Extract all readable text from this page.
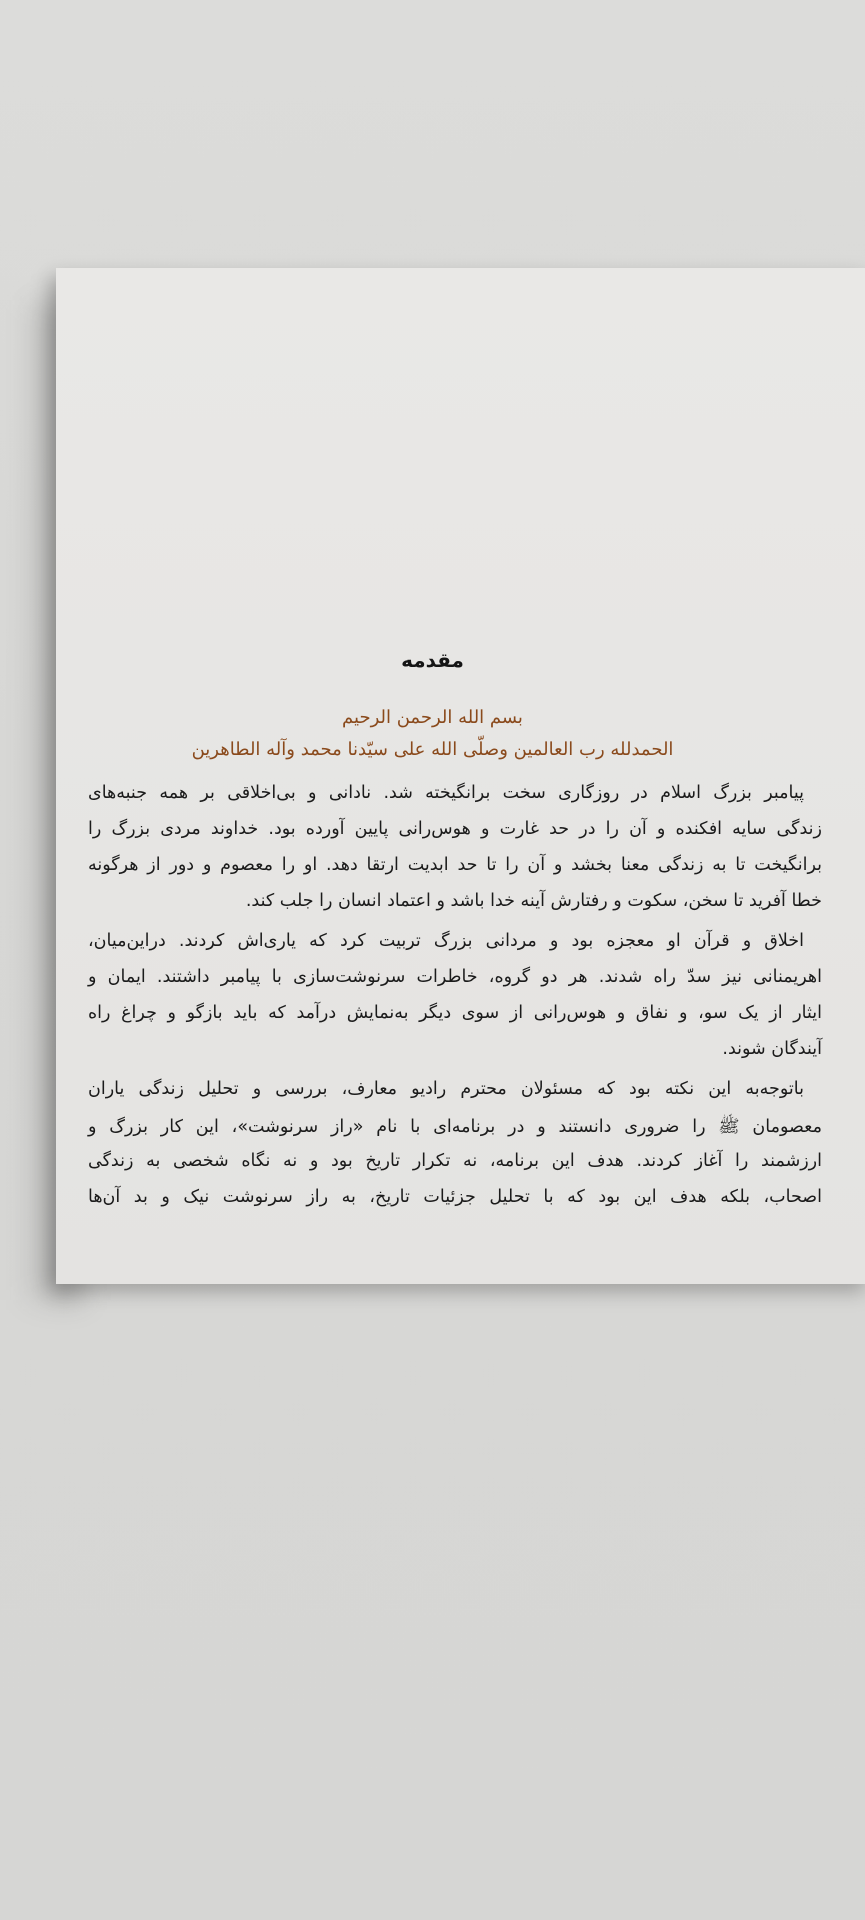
مقدمه
بسم الله الرحمن الرحیم
الحمدلله رب العالمین وصلّی الله علی سیّدنا محمد وآله الطاهرین
پیامبر بزرگ اسلام در روزگاری سخت برانگیخته شد. نادانی و بی‌اخلاقی بر همه جنبه‌های
زندگی سایه افکنده و آن را در حد غارت و هوس‌رانی پایین آورده بود. خداوند مردی بزرگ را
برانگیخت تا به زندگی معنا بخشد و آن را تا حد ابدیت ارتقا دهد. او را معصوم و دور از هرگونه
خطا آفرید تا سخن، سکوت و رفتارش آینه خدا باشد و اعتماد انسان را جلب کند.
اخلاق و قرآن او معجزه بود و مردانی بزرگ تربیت کرد که یاری‌اش کردند. دراین‌میان،
اهریمنانی نیز سدّ راه شدند. هر دو گروه، خاطرات سرنوشت‌سازی با پیامبر داشتند. ایمان و
ایثار از یک سو، و نفاق و هوس‌رانی از سوی دیگر به‌نمایش درآمد که باید بازگو و چراغ راه
آیندگان شوند.
باتوجه‌به این نکته بود که مسئولان محترم رادیو معارف، بررسی و تحلیل زندگی یاران
معصومان ﷺ را ضروری دانستند و در برنامه‌ای با نام «راز سرنوشت»، این کار بزرگ و
ارزشمند را آغاز کردند. هدف این برنامه، نه تکرار تاریخ بود و نه نگاه شخصی به زندگی
اصحاب، بلکه هدف این بود که با تحلیل جزئیات تاریخ، به راز سرنوشت نیک و بد آن‌ها
